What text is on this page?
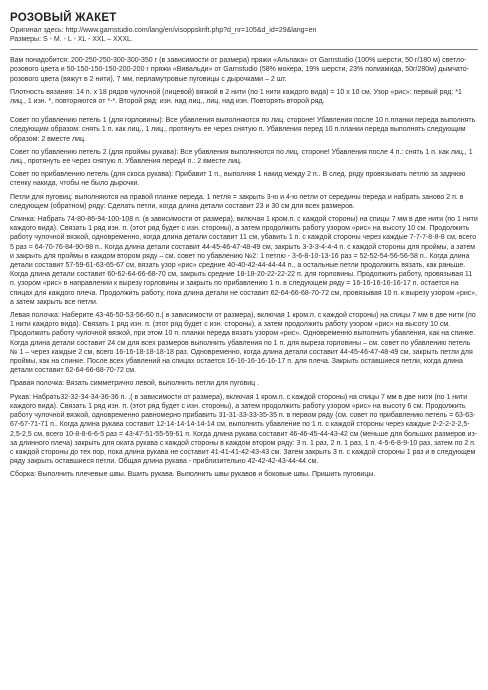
РОЗОВЫЙ ЖАКЕТ
Оригинал здесь: http://www.garnstudio.com/lang/en/visoppskrift.php?d_nr=105&d_id=29&lang=en
Размеры: S - M. - L - XL - XXL – XXXL.

Вам понадобится: 200-250-250-300-300-350 г (в зависимости от размера) пряжи «Альпака» от Garnstudio (100% шерсти, 50 г/180 м) светло-розового цвета и 50-150-150-150-200-200 г пряжи «Вивальди» от Garnstudio (58% мохера, 19% шерсти, 23% полиамида, 50г/280м) дымчато-розового цвета (вяжут в 2 нити), 7 мм, перламутровые пуговицы с дырочками – 2 шт.

Плотность вязания: 14 п. х 18 рядов чулочной (лицевой) вязкой в 2 нити (по 1 нити каждого вида) = 10 х 10 см. Узор «рис»: первый ряд: *1 лиц., 1 изн. *, повторяются от *-*. Второй ряд: изн. над лиц., лиц. над изн. Повторять второй ряд.

Совет по убавлению петель 1 (для горловины): Все убавления выполняются по лиц. стороне! Убавления после 10 п.планки переда выполнять следующим образом: снять 1 п. как лиц., 1 лиц., протянуть ее через снятую п. Убавления перед 10 п.планки переда выполнять следующим образом: 2 вместе лиц.

Совет по убавлению петель 2 (для проймы рукава): Все убавления выполняются по лиц. стороне! Убавления после 4 п.: снять 1 п. как лиц., 1 лиц., протянуть ее через снятую п. Убавления перед4 п.: 2 вместе лиц.

Совет по прибавлению петель (для скоса рукава): Прибавит 1 п., выполняя 1 накид между 2 п.. В след. ряду провязывать петлю за заднюю стенку накида, чтобы не было дырочки.

Петли для пуговиц: выполняются на правой планке переда. 1 петля = закрыть 3-ю и 4-ю петли от середины переда и набрать заново 2 п. в следующем (обратном) ряду: Сделать петли, когда длина детали составит 23 и 30 см для всех размеров.

Спинка: Набрать 74-80-86-94-100-108 п. (в зависимости от размера), включая 1 кром.п. с каждой стороны) на спицы 7 мм в две нити (по 1 нити каждого вида). Связать 1 ряд изн. п. (этот ряд будет с изн. стороны), а затем продолжить работу узором «рис» на высоту 10 см. Продолжить работу чулочной вязкой, одновременно, когда длина детали составит 11 см, убавить 1 п. с каждой стороны через каждые 7-7-7-8-8-8 см, всего 5 раз = 64-70-76-84-90-98 п.. Когда длина детали составит 44-45-46-47-48-49 см, закрыть 3-3-3-4-4-4 п. с каждой стороны для проймы, а затем и закрыть для проймы в каждом втором ряду – см. совет по убавлению №2: 1 петлю - 3-6-8-10-13-16 раз = 52-52-54-56-56-58 п.. Когда длина детали составит 57-59-61-63-65-67 см, вязать узор «рис» средние 40-40-42-44-44-44 п., а остальные петли продолжить вязать, как раньше. Когда длина детали составит 60-62-64-66-68-70 см, закрыть средние 18-18-20-22-22-22 п. для горловины. Продолжить работу, провязывая 11 п. узором «рис» в направлении к вырезу горловины и закрыть по прибавлению 1 п. в следующем ряду = 16-16-16-16-16-17 п. остается на спицах для каждого плеча. Продолжить работу, пока длина детали не составит 62-64-66-68-70-72 см, провязывая 10 п. к вырезу узором «рис», а затем закрыть все петли.

Левая полочка: Наберите 43-46-50-53-56-60 п.( в зависимости от размера), включая 1 кром.п. с каждой стороны) на спицы 7 мм в две нити (по 1 нити каждого вида). Связать 1 ряд изн. п. (этот ряд будет с изн. стороны), а затем продолжить работу узором «рис» на высоту 10 см. Продолжить работу чулочной вязкой, при этом 10 п. планки переда вязать узором «рис». Одновременно выполнить убавления, как на спинке. Когда длина детали составит 24 см для всех размеров выполнить убавления по 1 п. для выреза горловины – см. совет по убавлению петель № 1 – через каждые 2 см, всего 16-16-18-18-18-18 раз. Одновременно, когда длина детали составит 44-45-46-47-48-49 см, закрыть петли для проймы, как на спинке. После всех убавлений на спицах остается 16-16-16-16-16-17 п. для плеча. Закрыть оставшиеся петли, когда длина детали составит 62-64-66-68-70-72 см.

Правая полочка: Вязать симметрично левой, выполнить петли для пуговиц .

Рукав: Набрать32-32-34-34-36-36 п. .( в зависимости от размера), включая 1 кром.п. с каждой стороны) на спицы 7 мм в две нити (по 1 нити каждого вида). Связать 1 ряд изн. п. (этот ряд будет с изн. стороны), а затем продолжить работу узором «рис» на высоту 6 см. Продолжить работу чулочной вязкой, одновременно равномерно прибавить 31-31-33-33-35-35 п. в первом ряду (см. совет по прибавлению петель = 63-63-67-67-71-71 п.. Когда длина рукава составит 12-14-14-14-14-14 см, выполнить убавление по 1 п. с каждой стороны через каждые 2-2-2-2-2,5-2,5-2,5 см, всего 10-8-8-6-6-5 раз = 43-47-51-55-59-61 п. Когда длина рукава составит 46-46-45-44-43-42 см (меньше для больших размеров из-за длинного плеча) закрыть для оката рукава с каждой стороны в каждом втором ряду: 3 п. 1 раз, 2 п. 1 раз, 1 п. 4-5-6-8-9-10 раз, затем по 2 п. с каждой стороны до тех пор, пока длина рукава не составит 41-41-41-42-43-43 см. Затем закрыть 3 п. с каждой стороны 1 раз и в следующем ряду закрыть оставшиеся петли. Общая длина рукава - приблизительно 42-42-42-43-44-44 см.

Сборка: Выполнить плечевые швы. Вшить рукава. Выполнить швы рукавов и боковые швы. Пришить пуговицы.
